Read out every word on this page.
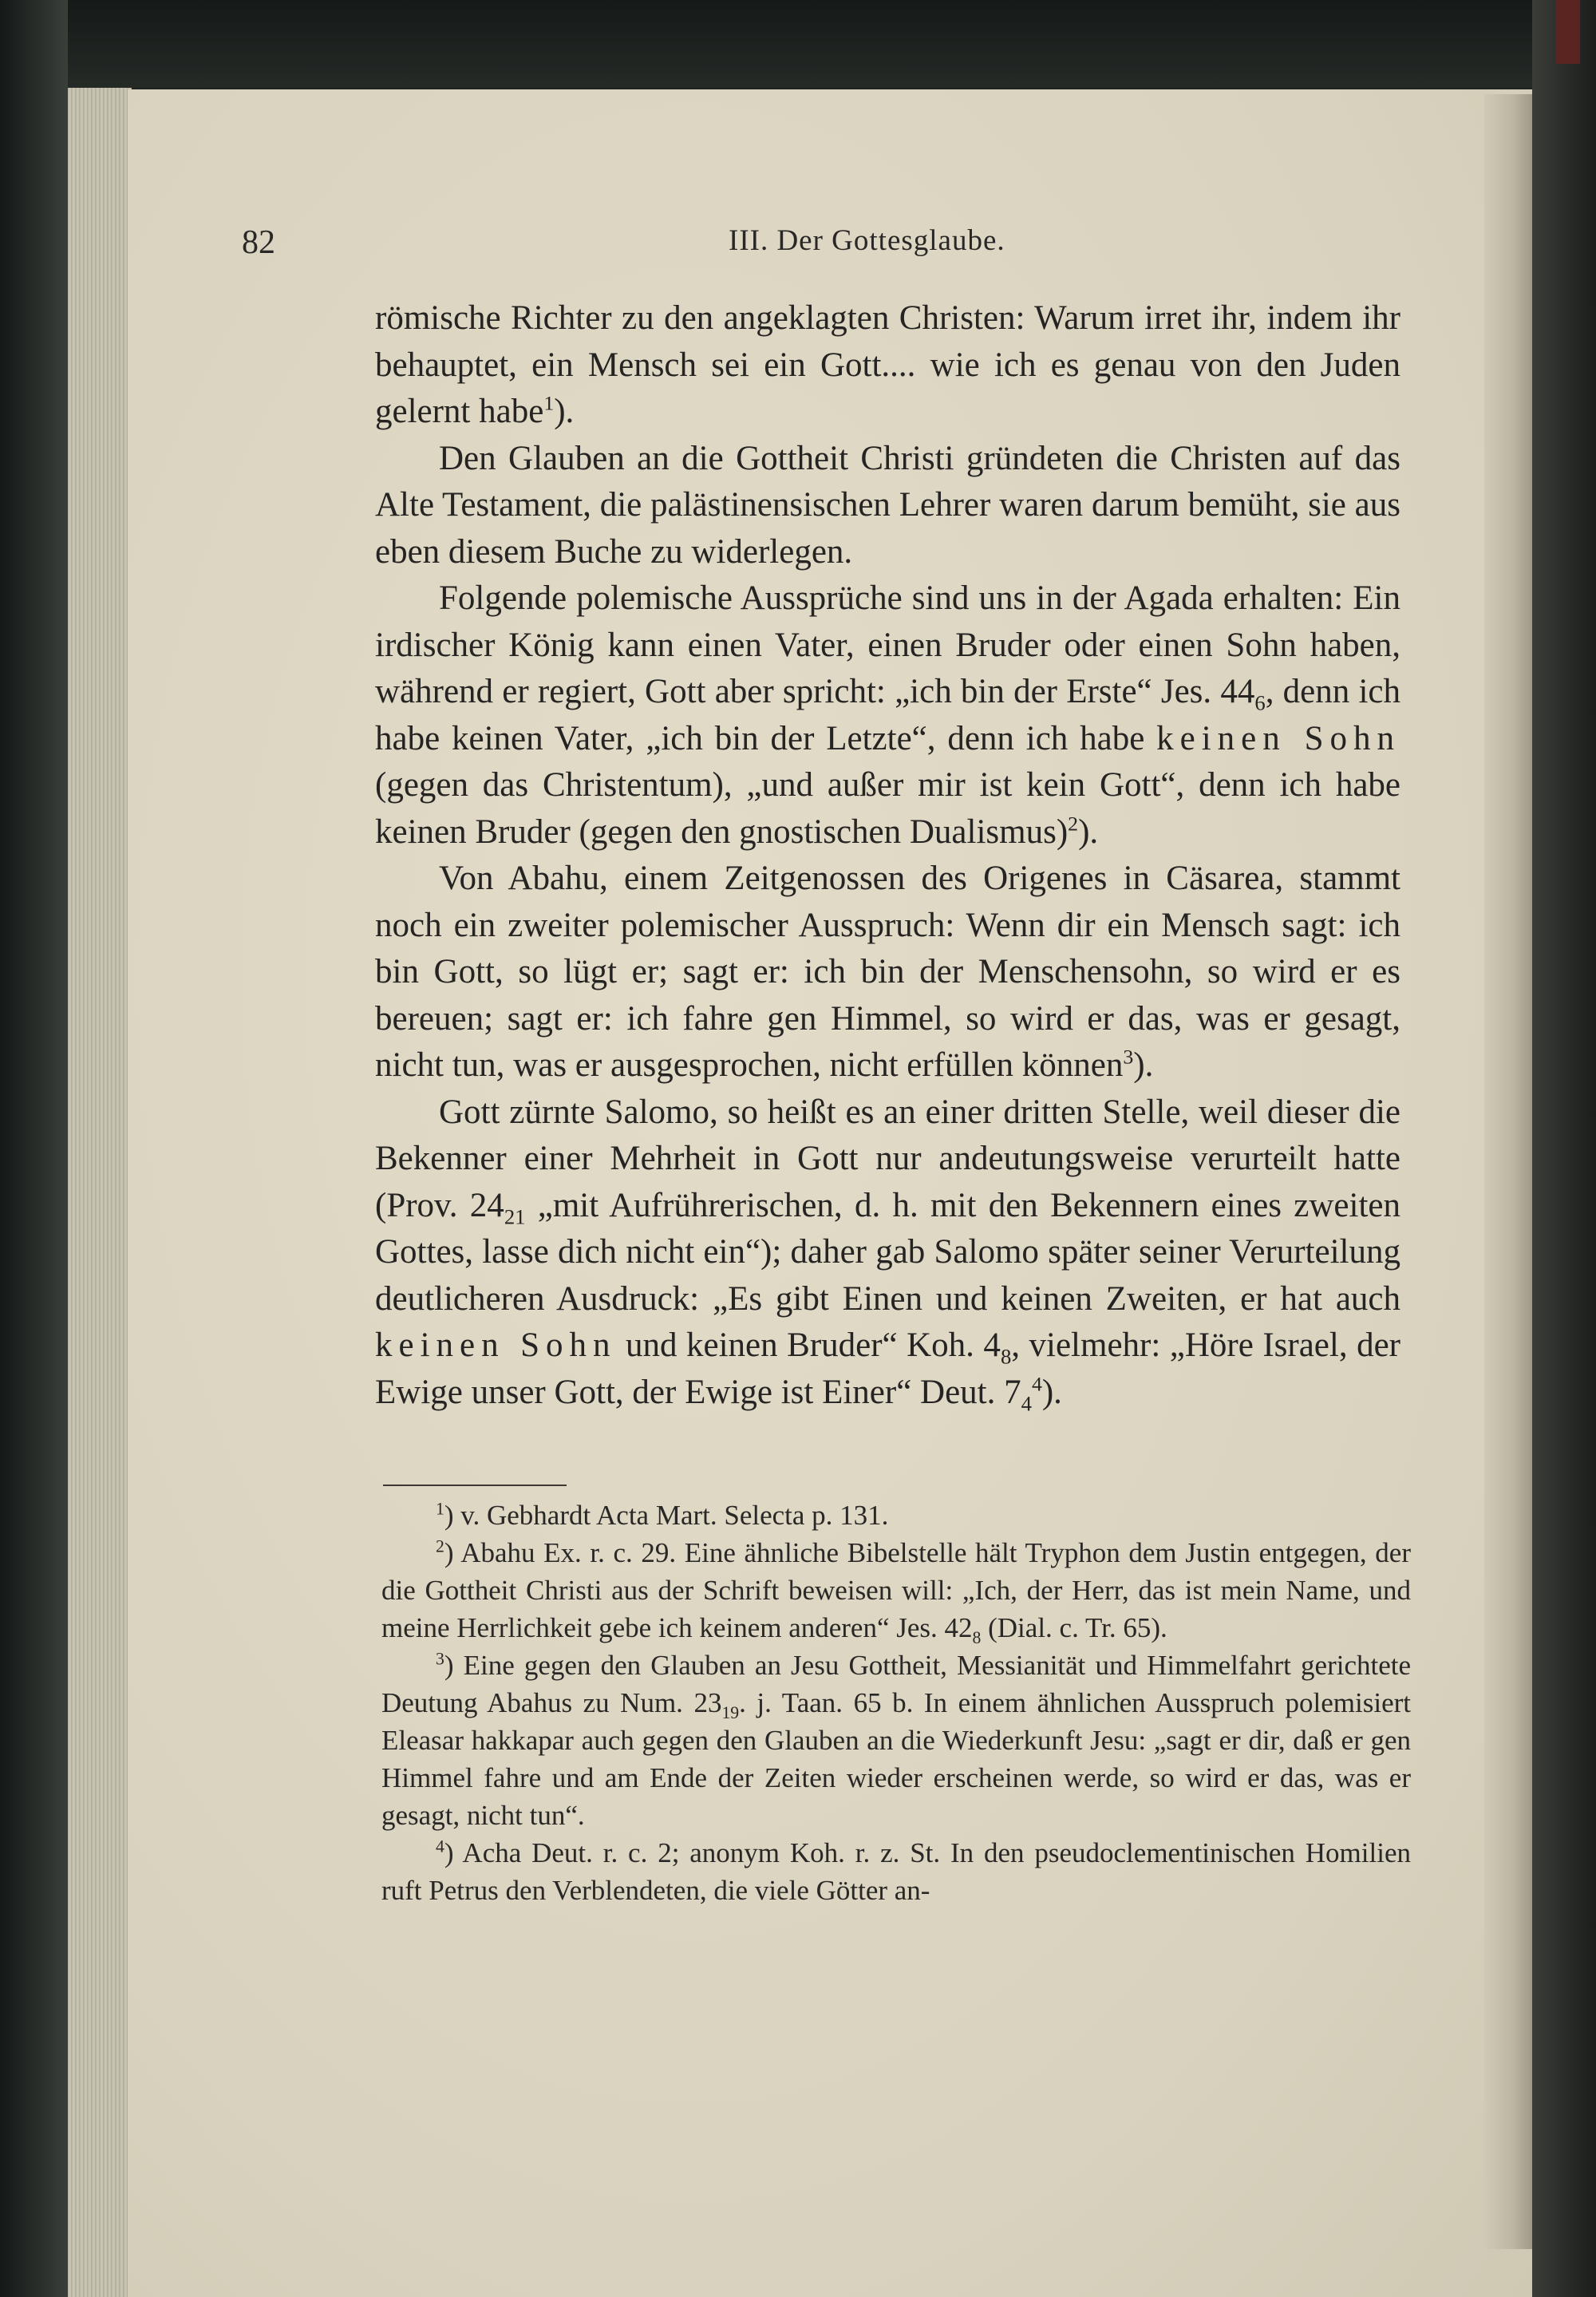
82	III. Der Gottesglaube.

römische Richter zu den angeklagten Christen: Warum irret ihr, indem ihr behauptet, ein Mensch sei ein Gott.... wie ich es genau von den Juden gelernt habe$^1$).

Den Glauben an die Gottheit Christi gründeten die Christen auf das Alte Testament, die palästinensischen Lehrer waren darum bemüht, sie aus eben diesem Buche zu widerlegen.

Folgende polemische Aussprüche sind uns in der Agada erhalten: Ein irdischer König kann einen Vater, einen Bruder oder einen Sohn haben, während er regiert, Gott aber spricht: „ich bin der Erste“ Jes. $44_6$, denn ich habe keinen Vater, „ich bin der Letzte“, denn ich habe keinen Sohn (gegen das Christentum), „und außer mir ist kein Gott“, denn ich habe keinen Bruder (gegen den gnostischen Dualismus)$^2$).

Von Abahu, einem Zeitgenossen des Origenes in Cäsarea, stammt noch ein zweiter polemischer Ausspruch: Wenn dir ein Mensch sagt: ich bin Gott, so lügt er; sagt er: ich bin der Menschensohn, so wird er es bereuen; sagt er: ich fahre gen Himmel, so wird er das, was er gesagt, nicht tun, was er ausgesprochen, nicht erfüllen können$^3$).

Gott zürnte Salomo, so heißt es an einer dritten Stelle, weil dieser die Bekenner einer Mehrheit in Gott nur andeutungsweise verurteilt hatte (Prov. $24_{21}$ „mit Aufrührerischen, d. h. mit den Bekennern eines zweiten Gottes, lasse dich nicht ein“); daher gab Salomo später seiner Verurteilung deutlicheren Ausdruck: „Es gibt Einen und keinen Zweiten, er hat auch keinen Sohn und keinen Bruder“ Koh. $4_8$, vielmehr: „Höre Israel, der Ewige unser Gott, der Ewige ist Einer“ Deut. $7_4^4$).

$^1$) v. Gebhardt Acta Mart. Selecta p. 131.

$^2$) Abahu Ex. r. c. 29. Eine ähnliche Bibelstelle hält Tryphon dem Justin entgegen, der die Gottheit Christi aus der Schrift beweisen will: „Ich, der Herr, das ist mein Name, und meine Herrlichkeit gebe ich keinem anderen“ Jes. $42_8$ (Dial. c. Tr. 65).

$^3$) Eine gegen den Glauben an Jesu Gottheit, Messianität und Himmelfahrt gerichtete Deutung Abahus zu Num. $23_{19}$. j. Taan. 65 b. In einem ähnlichen Ausspruch polemisiert Eleasar hakkapar auch gegen den Glauben an die Wiederkunft Jesu: „sagt er dir, daß er gen Himmel fahre und am Ende der Zeiten wieder erscheinen werde, so wird er das, was er gesagt, nicht tun“.

$^4$) Acha Deut. r. c. 2; anonym Koh. r. z. St. In den pseudoclementinischen Homilien ruft Petrus den Verblendeten, die viele Götter an-
